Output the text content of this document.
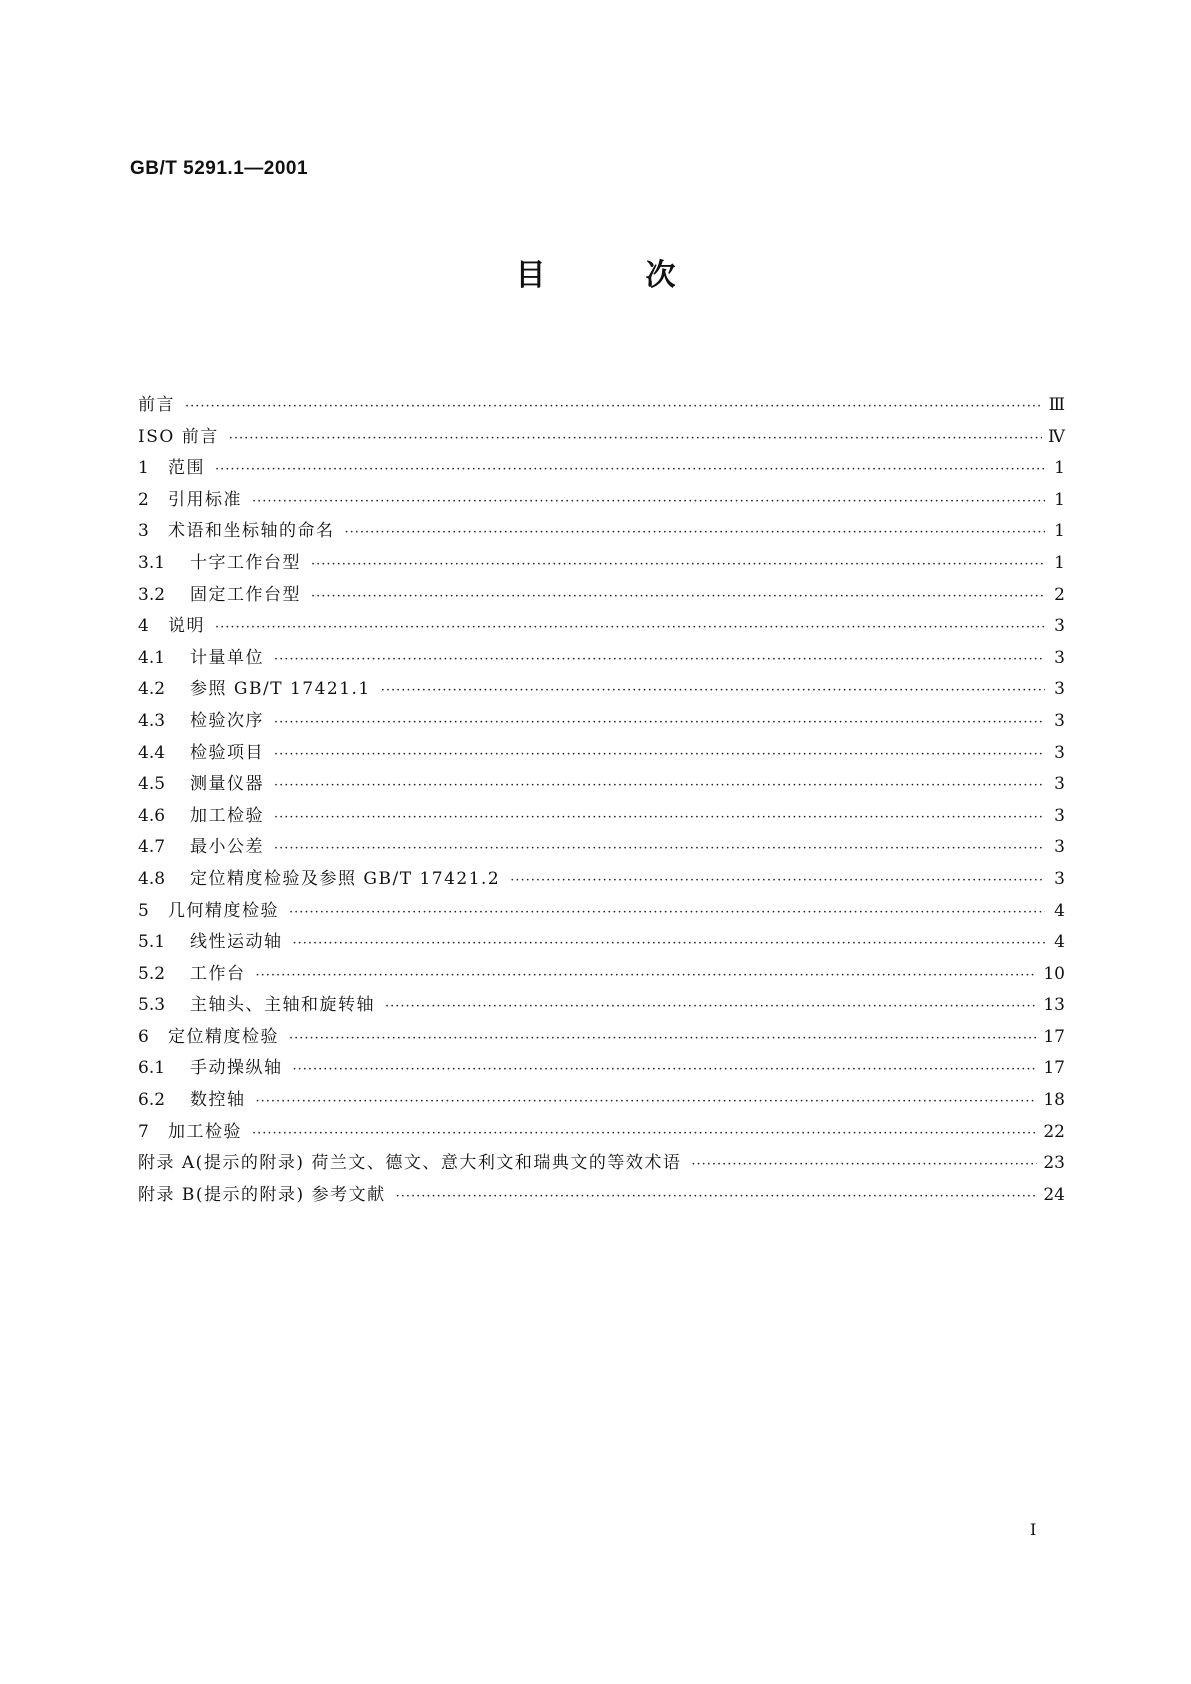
GB/T 5291.1—2001
目次
前言 ·····	Ⅲ
ISO 前言 ·····	Ⅳ
1	范围 ·····	1
2	引用标准 ·····	1
3	术语和坐标轴的命名 ·····	1
3.1	十字工作台型 ·····	1
3.2	固定工作台型 ·····	2
4	说明 ·····	3
4.1	计量单位 ·····	3
4.2	参照 GB/T 17421.1 ·····	3
4.3	检验次序 ·····	3
4.4	检验项目 ·····	3
4.5	测量仪器 ·····	3
4.6	加工检验 ·····	3
4.7	最小公差 ·····	3
4.8	定位精度检验及参照 GB/T 17421.2 ·····	3
5	几何精度检验 ·····	4
5.1	线性运动轴 ·····	4
5.2	工作台 ·····	10
5.3	主轴头、主轴和旋转轴 ·····	13
6	定位精度检验 ·····	17
6.1	手动操纵轴 ·····	17
6.2	数控轴 ·····	18
7	加工检验 ·····	22
附录 A(提示的附录) 荷兰文、德文、意大利文和瑞典文的等效术语 ·····	23
附录 B(提示的附录) 参考文献 ·····	24
I
